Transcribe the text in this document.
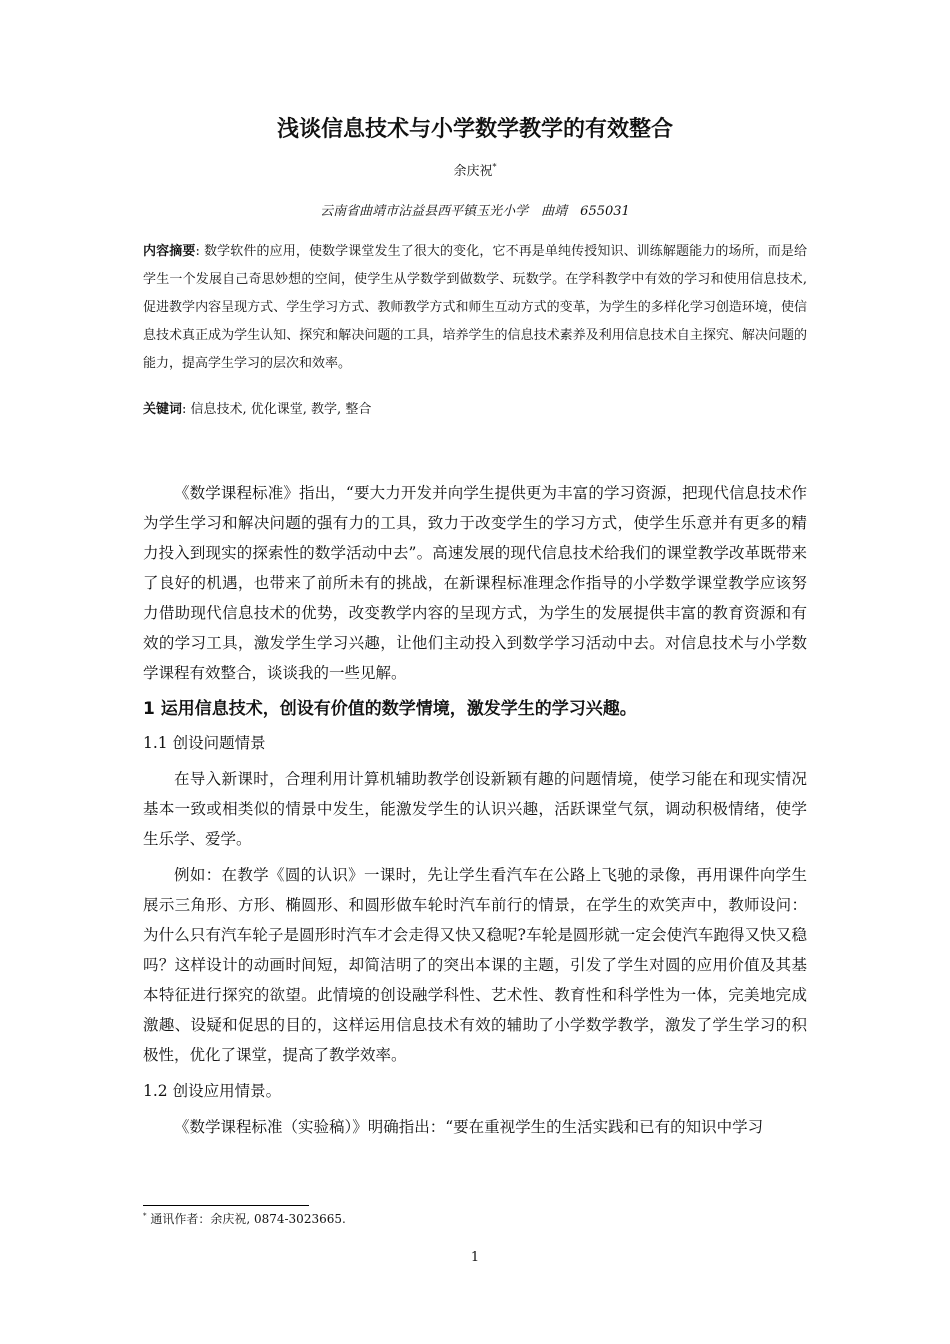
浅谈信息技术与小学数学教学的有效整合
余庆祝*
云南省曲靖市沾益县西平镇玉光小学　曲靖　655031
内容摘要: 数学软件的应用，使数学课堂发生了很大的变化，它不再是单纯传授知识、训练解题能力的场所，而是给学生一个发展自己奇思妙想的空间，使学生从学数学到做数学、玩数学。在学科教学中有效的学习和使用信息技术,促进教学内容呈现方式、学生学习方式、教师教学方式和师生互动方式的变革，为学生的多样化学习创造环境，使信息技术真正成为学生认知、探究和解决问题的工具，培养学生的信息技术素养及利用信息技术自主探究、解决问题的能力，提高学生学习的层次和效率。
关键词: 信息技术, 优化课堂, 教学, 整合

《数学课程标准》指出，“要大力开发并向学生提供更为丰富的学习资源，把现代信息技术作为学生学习和解决问题的强有力的工具，致力于改变学生的学习方式，使学生乐意并有更多的精力投入到现实的探索性的数学活动中去”。高速发展的现代信息技术给我们的课堂教学改革既带来了良好的机遇，也带来了前所未有的挑战，在新课程标准理念作指导的小学数学课堂教学应该努力借助现代信息技术的优势，改变教学内容的呈现方式，为学生的发展提供丰富的教育资源和有效的学习工具，激发学生学习兴趣，让他们主动投入到数学学习活动中去。对信息技术与小学数学课程有效整合，谈谈我的一些见解。

1 运用信息技术，创设有价值的数学情境，激发学生的学习兴趣。
1.1 创设问题情景

在导入新课时，合理利用计算机辅助教学创设新颖有趣的问题情境，使学习能在和现实情况基本一致或相类似的情景中发生，能激发学生的认识兴趣，活跃课堂气氛，调动积极情绪，使学生乐学、爱学。

例如：在教学《圆的认识》一课时，先让学生看汽车在公路上飞驰的录像，再用课件向学生展示三角形、方形、椭圆形、和圆形做车轮时汽车前行的情景，在学生的欢笑声中，教师设问：为什么只有汽车轮子是圆形时汽车才会走得又快又稳呢?车轮是圆形就一定会使汽车跑得又快又稳吗？这样设计的动画时间短，却简洁明了的突出本课的主题，引发了学生对圆的应用价值及其基本特征进行探究的欲望。此情境的创设融学科性、艺术性、教育性和科学性为一体，完美地完成激趣、设疑和促思的目的，这样运用信息技术有效的辅助了小学数学教学，激发了学生学习的积极性，优化了课堂，提高了教学效率。

1.2 创设应用情景。

《数学课程标准（实验稿）》明确指出：“要在重视学生的生活实践和已有的知识中学习

* 通讯作者：余庆祝, 0874-3023665.
1
